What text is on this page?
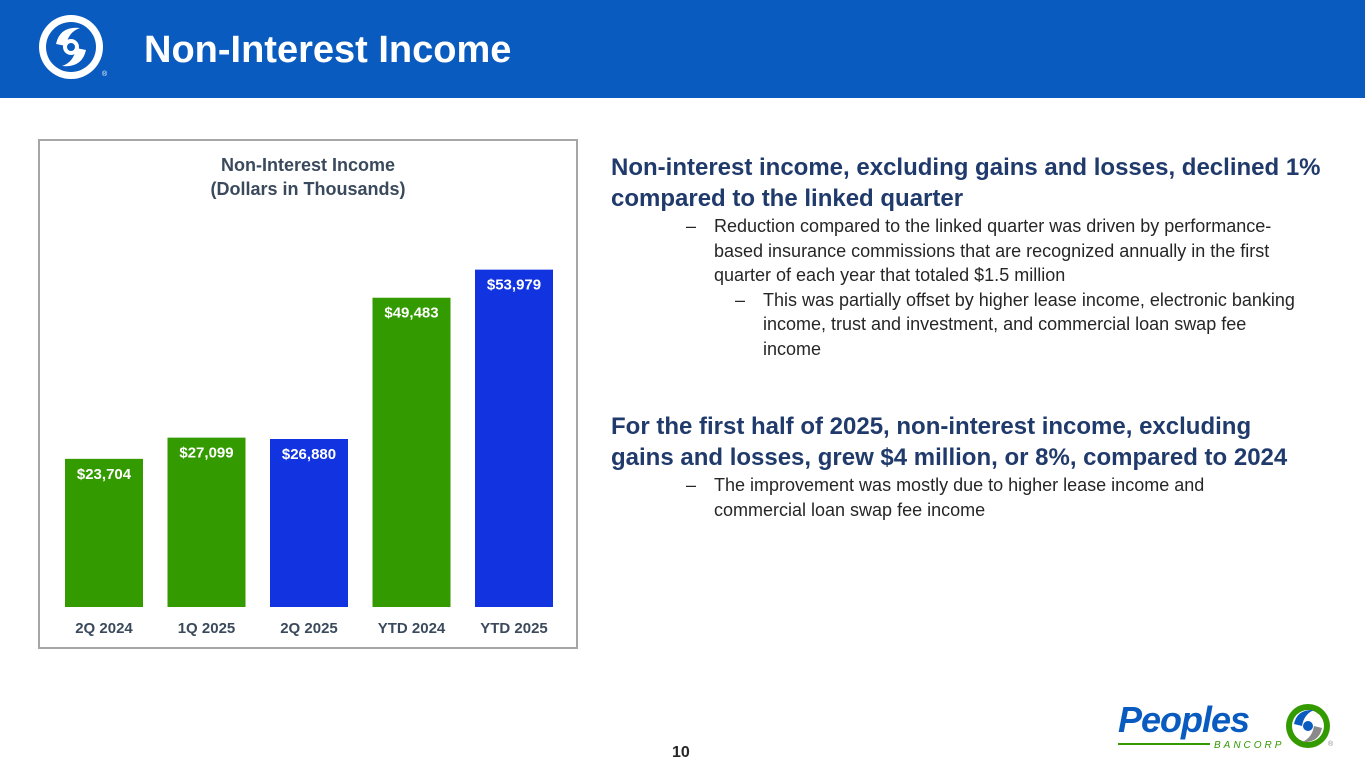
®
Non-Interest Income
Non-Interest Income
(Dollars in Thousands)
$23,704
2Q 2024
$27,099
1Q 2025
$26,880
2Q 2025
$49,483
YTD 2024
$53,979
YTD 2025

Non-interest income, excluding gains and losses, declined 1% compared to the linked quarter

– Reduction compared to the linked quarter was driven by performance-based insurance commissions that are recognized annually in the first quarter of each year that totaled $1.5 million

– This was partially offset by higher lease income, electronic banking income, trust and investment, and commercial loan swap fee income

For the first half of 2025, non-interest income, excluding gains and losses, grew $4 million, or 8%, compared to 2024

– The improvement was mostly due to higher lease income and commercial loan swap fee income

10
Peoples
BANCORP	®
